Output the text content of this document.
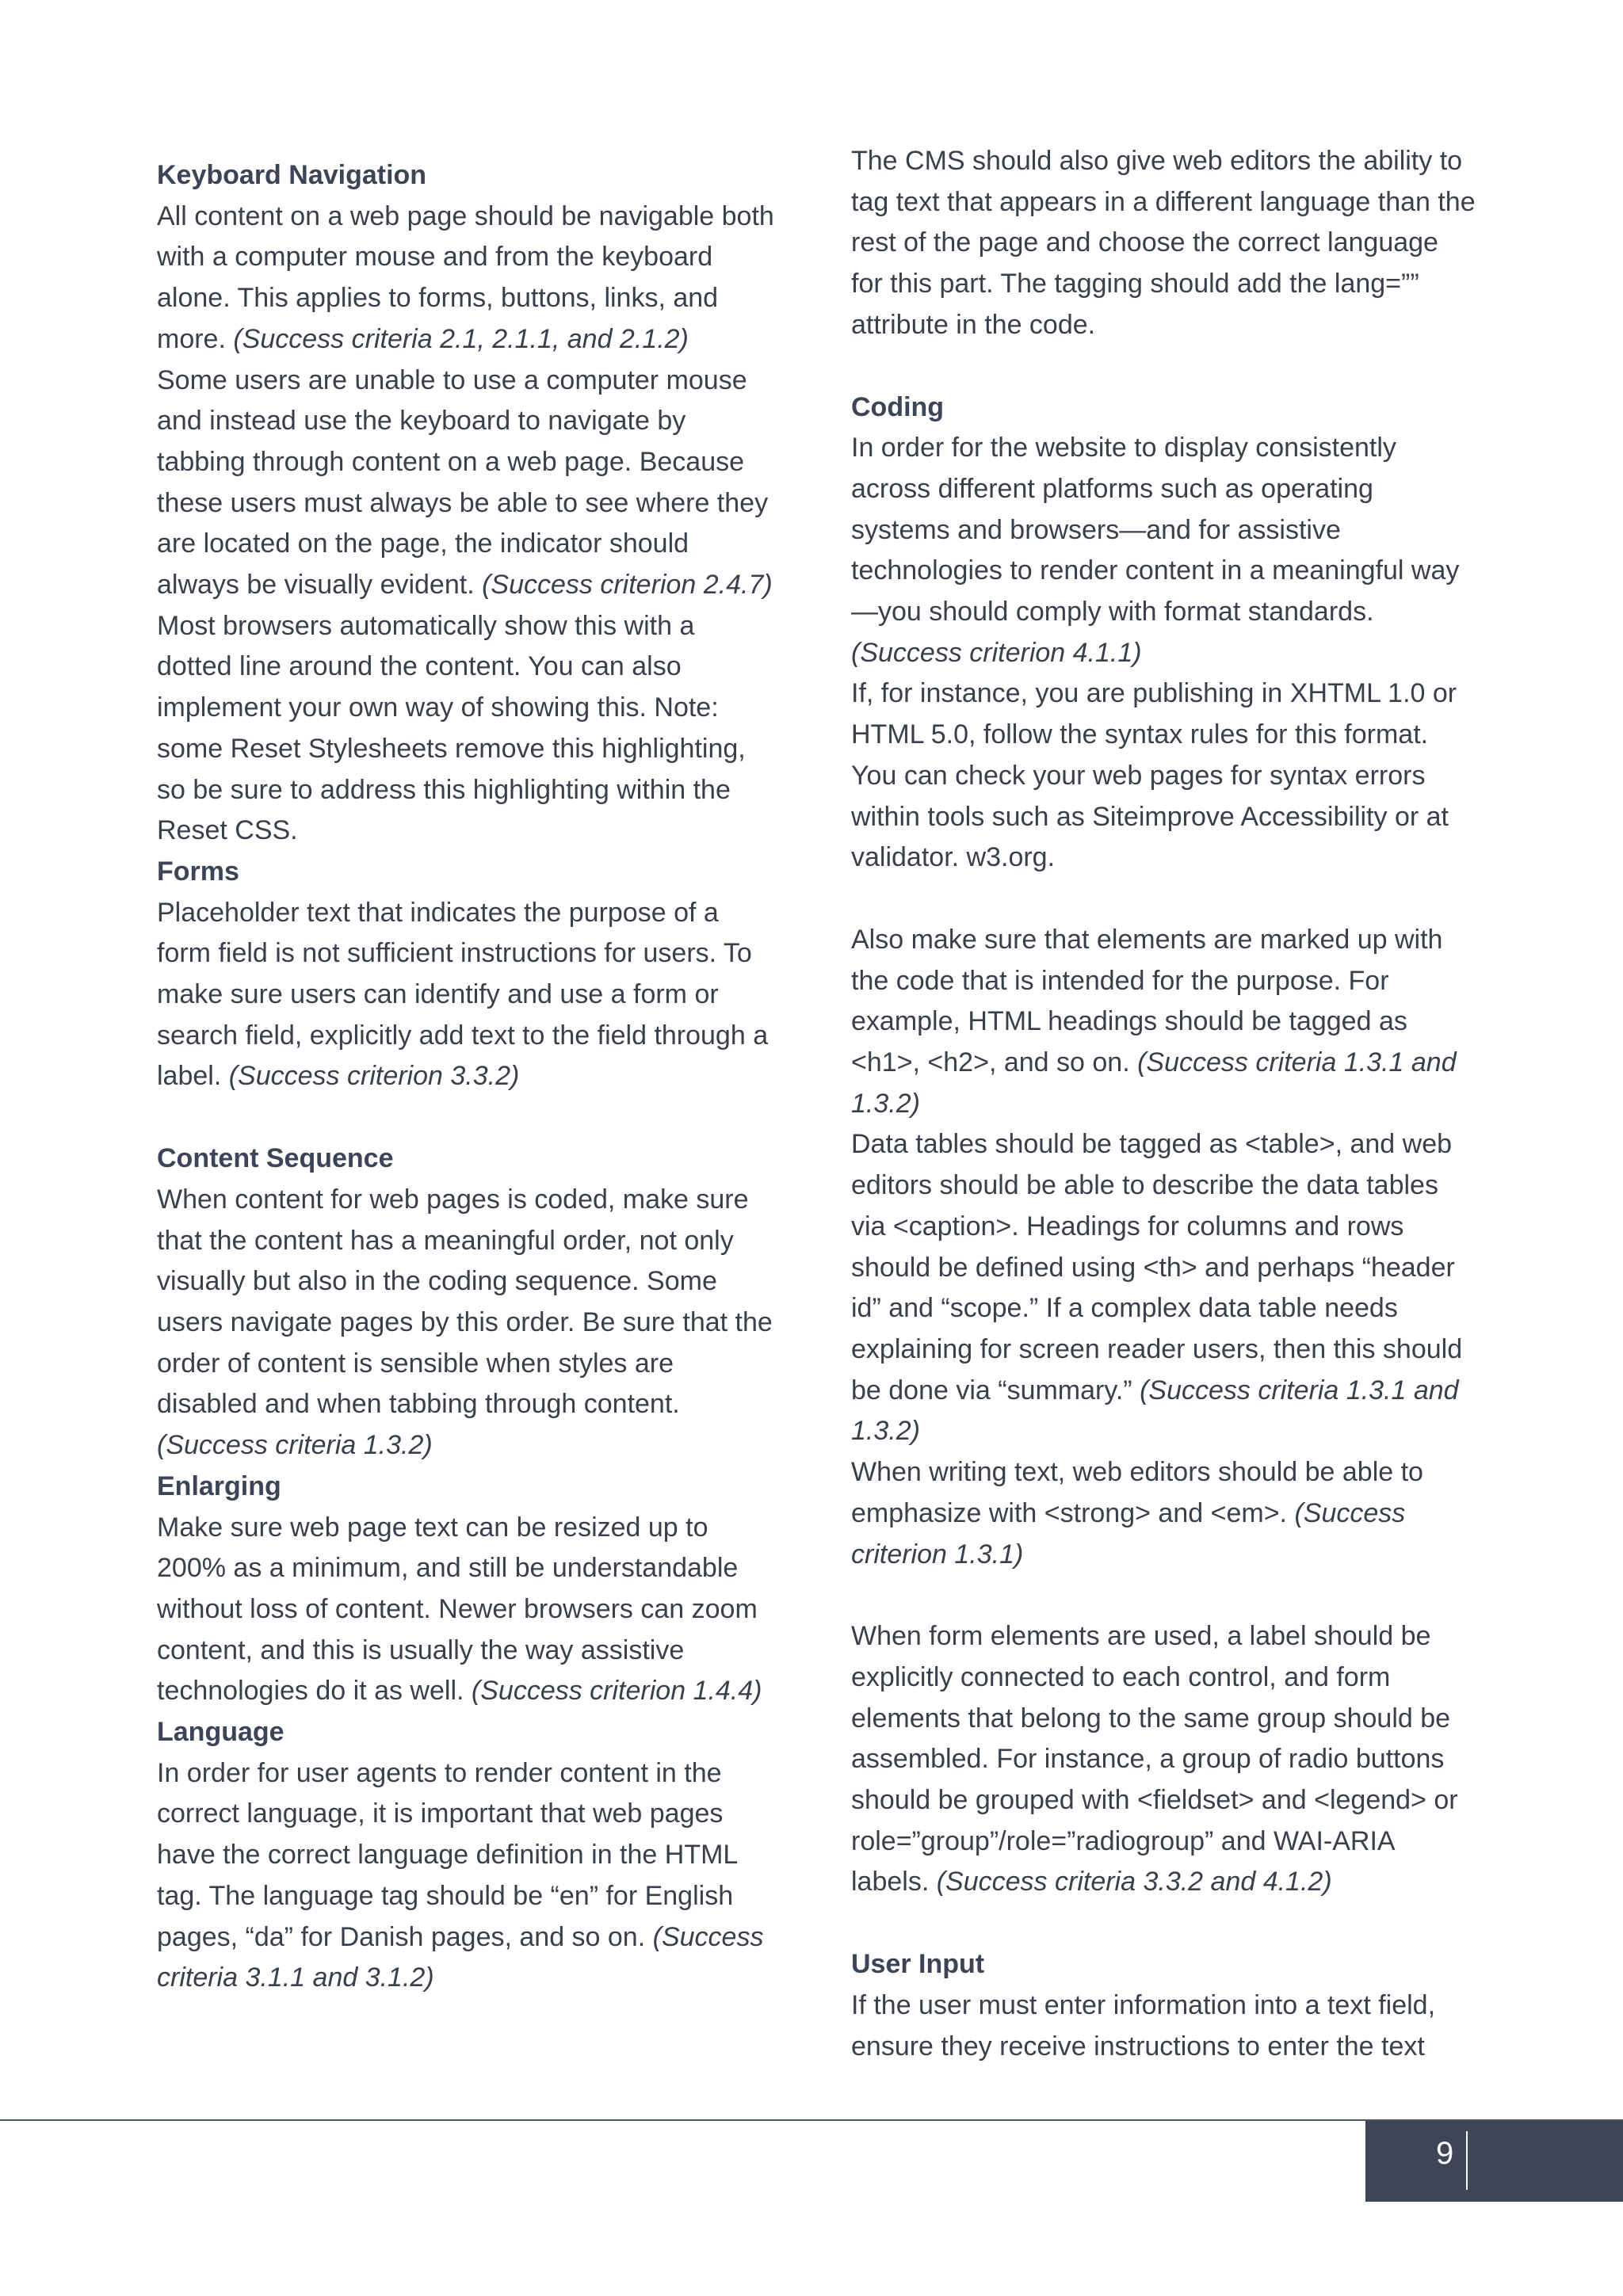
Keyboard Navigation

All content on a web page should be navigable both with a computer mouse and from the keyboard alone. This applies to forms, buttons, links, and more. (Success criteria 2.1, 2.1.1, and 2.1.2)

Some users are unable to use a computer mouse and instead use the keyboard to navigate by tabbing through content on a web page. Because these users must always be able to see where they are located on the page, the indicator should always be visually evident. (Success criterion 2.4.7) Most browsers automatically show this with a dotted line around the content. You can also implement your own way of showing this. Note: some Reset Stylesheets remove this highlighting, so be sure to address this highlighting within the Reset CSS.

Forms

Placeholder text that indicates the purpose of a form field is not sufficient instructions for users. To make sure users can identify and use a form or search field, explicitly add text to the field through a label. (Success criterion 3.3.2)

Content Sequence

When content for web pages is coded, make sure that the content has a meaningful order, not only visually but also in the coding sequence. Some users navigate pages by this order. Be sure that the order of content is sensible when styles are disabled and when tabbing through content. (Success criteria 1.3.2)

Enlarging

Make sure web page text can be resized up to 200% as a minimum, and still be understandable without loss of content. Newer browsers can zoom content, and this is usually the way assistive technologies do it as well. (Success criterion 1.4.4)

Language

In order for user agents to render content in the correct language, it is important that web pages have the correct language definition in the HTML tag. The language tag should be “en” for English pages, “da” for Danish pages, and so on. (Success criteria 3.1.1 and 3.1.2)

The CMS should also give web editors the ability to tag text that appears in a different language than the rest of the page and choose the correct language for this part. The tagging should add the lang=”” attribute in the code.

Coding

In order for the website to display consistently across different platforms such as operating systems and browsers—and for assistive technologies to render content in a meaningful way—you should comply with format standards. (Success criterion 4.1.1)

If, for instance, you are publishing in XHTML 1.0 or HTML 5.0, follow the syntax rules for this format. You can check your web pages for syntax errors within tools such as Siteimprove Accessibility or at validator. w3.org.

Also make sure that elements are marked up with the code that is intended for the purpose. For example, HTML headings should be tagged as <h1>, <h2>, and so on. (Success criteria 1.3.1 and 1.3.2)

Data tables should be tagged as <table>, and web editors should be able to describe the data tables via <caption>. Headings for columns and rows should be defined using <th> and perhaps “header id” and “scope.” If a complex data table needs explaining for screen reader users, then this should be done via “summary.” (Success criteria 1.3.1 and 1.3.2)

When writing text, web editors should be able to emphasize with <strong> and <em>. (Success criterion 1.3.1)

When form elements are used, a label should be explicitly connected to each control, and form elements that belong to the same group should be assembled. For instance, a group of radio buttons should be grouped with <fieldset> and <legend> or role=”group”/role=”radiogroup” and WAI-ARIA labels. (Success criteria 3.3.2 and 4.1.2)

User Input

If the user must enter information into a text field, ensure they receive instructions to enter the text

9
